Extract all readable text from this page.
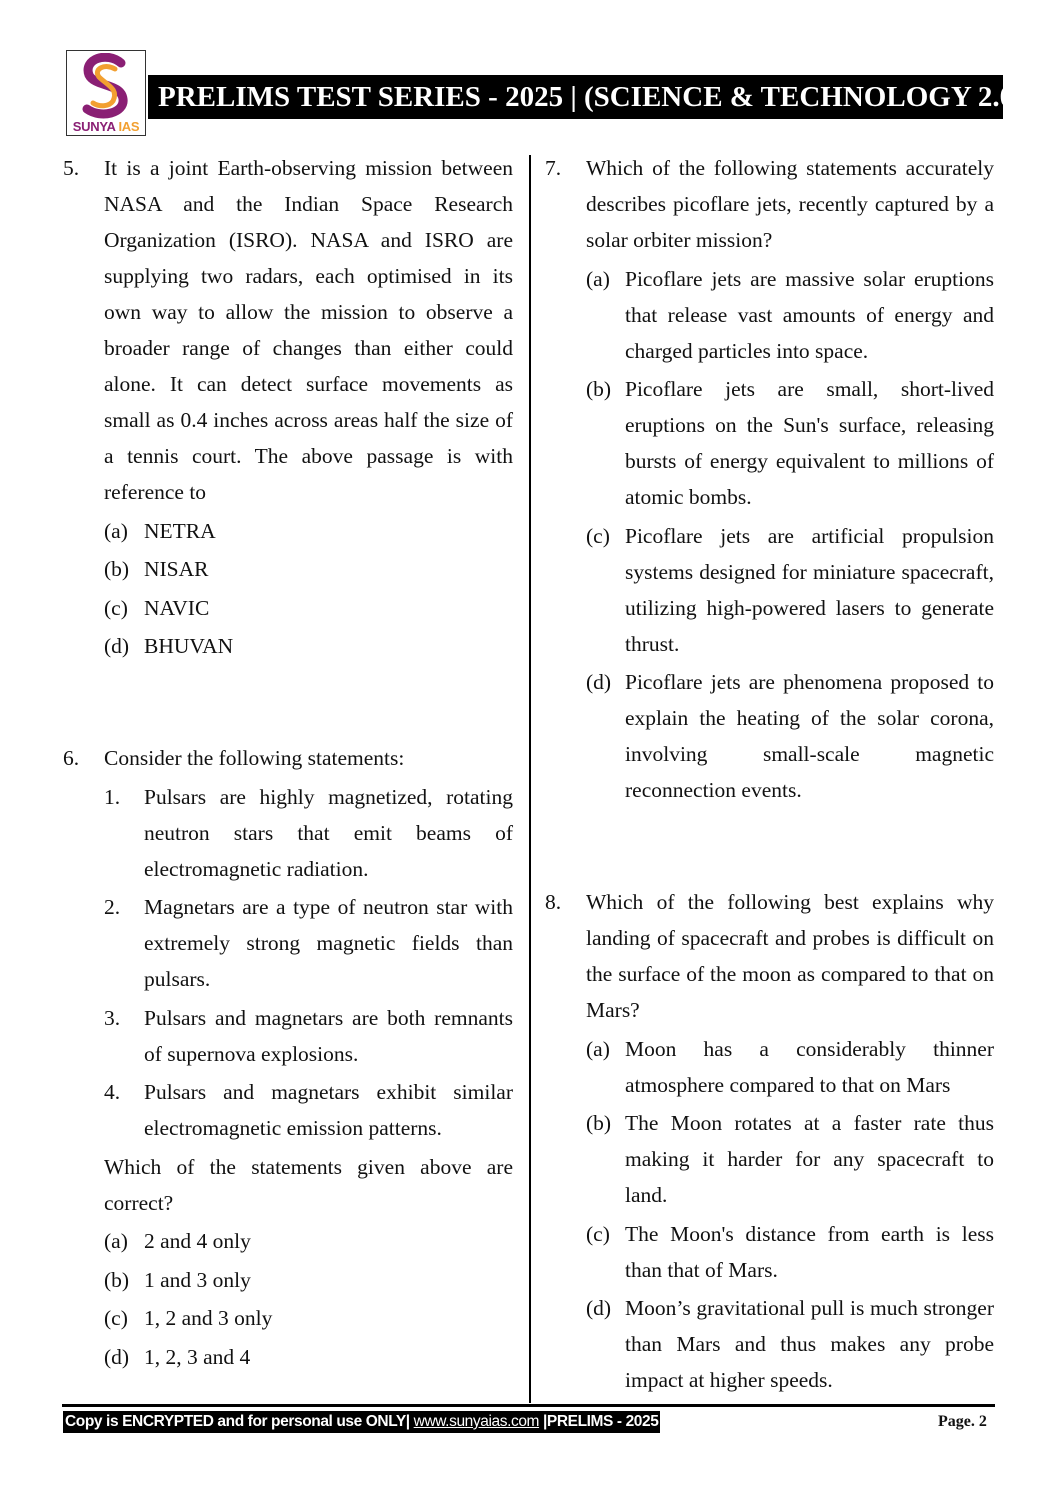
SUNYA IAS
PRELIMS TEST SERIES - 2025 | (SCIENCE & TECHNOLOGY 2.0)
5. It is a joint Earth-observing mission between NASA and the Indian Space Research Organization (ISRO). NASA and ISRO are supplying two radars, each optimised in its own way to allow the mission to observe a broader range of changes than either could alone. It can detect surface movements as small as 0.4 inches across areas half the size of a tennis court. The above passage is with reference to
(a) NETRA
(b) NISAR
(c) NAVIC
(d) BHUVAN
6. Consider the following statements:
1. Pulsars are highly magnetized, rotating neutron stars that emit beams of electromagnetic radiation.
2. Magnetars are a type of neutron star with extremely strong magnetic fields than pulsars.
3. Pulsars and magnetars are both remnants of supernova explosions.
4. Pulsars and magnetars exhibit similar electromagnetic emission patterns.
Which of the statements given above are correct?
(a) 2 and 4 only
(b) 1 and 3 only
(c) 1, 2 and 3 only
(d) 1, 2, 3 and 4
7. Which of the following statements accurately describes picoflare jets, recently captured by a solar orbiter mission?
(a) Picoflare jets are massive solar eruptions that release vast amounts of energy and charged particles into space.
(b) Picoflare jets are small, short-lived eruptions on the Sun's surface, releasing bursts of energy equivalent to millions of atomic bombs.
(c) Picoflare jets are artificial propulsion systems designed for miniature spacecraft, utilizing high-powered lasers to generate thrust.
(d) Picoflare jets are phenomena proposed to explain the heating of the solar corona, involving small-scale magnetic reconnection events.
8. Which of the following best explains why landing of spacecraft and probes is difficult on the surface of the moon as compared to that on Mars?
(a) Moon has a considerably thinner atmosphere compared to that on Mars
(b) The Moon rotates at a faster rate thus making it harder for any spacecraft to land.
(c) The Moon's distance from earth is less than that of Mars.
(d) Moon’s gravitational pull is much stronger than Mars and thus makes any probe impact at higher speeds.
Copy is ENCRYPTED and for personal use ONLY| www.sunyaias.com |PRELIMS - 2025	Page. 2
